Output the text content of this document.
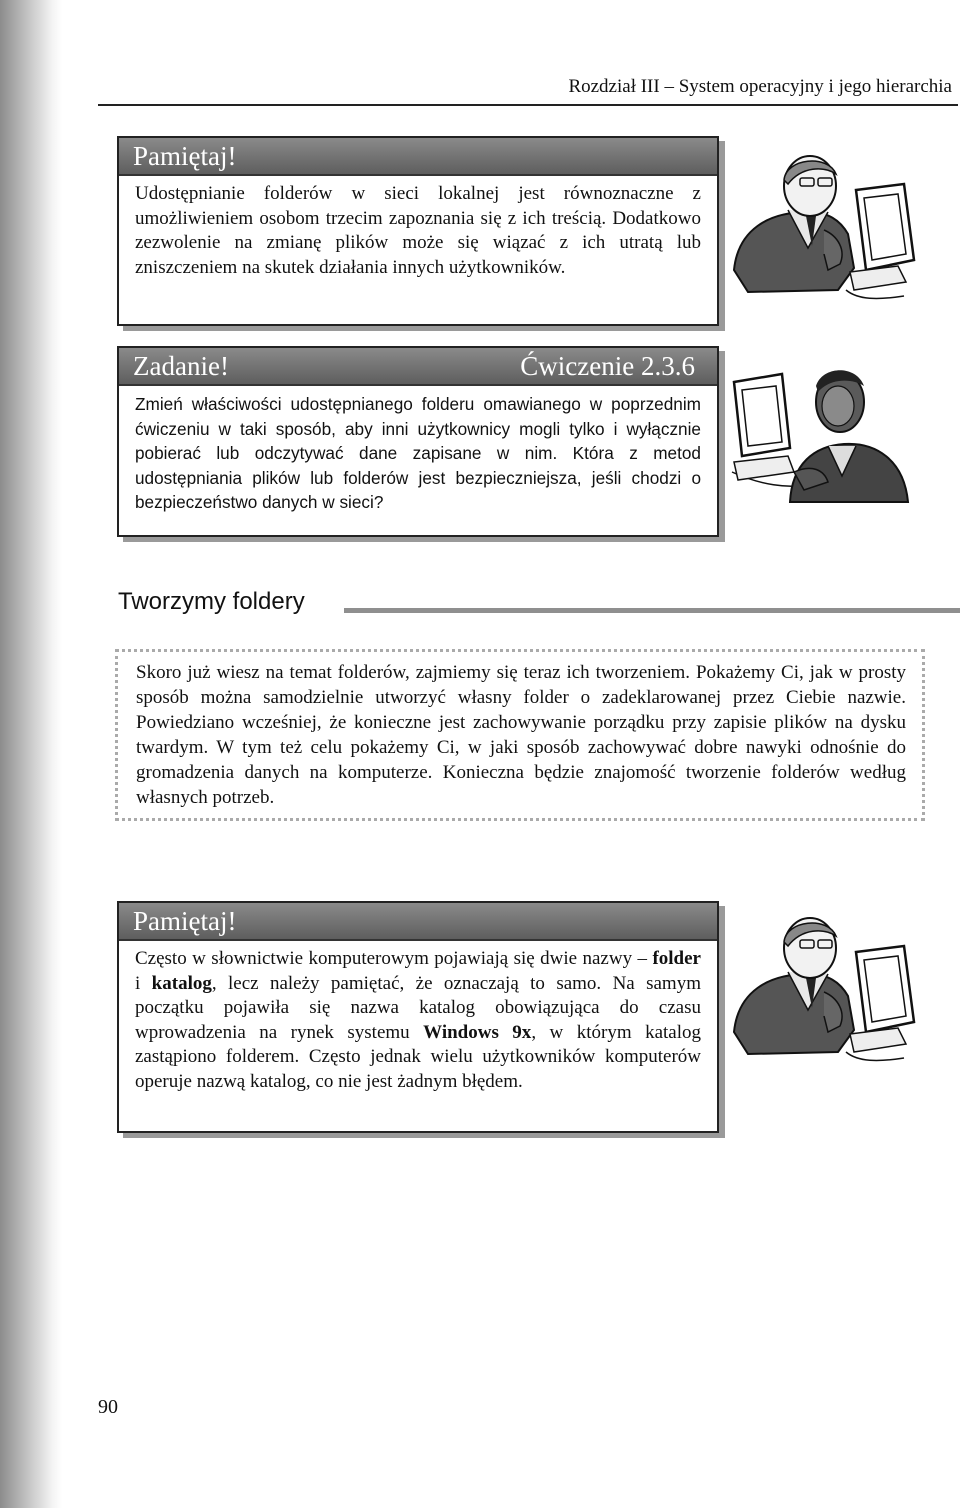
Rozdział III – System operacyjny i jego hierarchia
Pamiętaj!

Udostępnianie folderów w sieci lokalnej jest równoznaczne z umożliwieniem osobom trzecim zapoznania się z ich treścią. Dodatkowo zezwolenie na zmianę plików może się wiązać z ich utratą lub zniszczeniem na skutek działania innych użytkowników.

Zadanie!	Ćwiczenie 2.3.6

Zmień właściwości udostępnianego folderu omawianego w poprzednim ćwiczeniu w taki sposób, aby inni użytkownicy mogli tylko i wyłącznie pobierać lub odczytywać dane zapisane w nim. Która z metod udostępniania plików lub folderów jest bezpieczniejsza, jeśli chodzi o bezpieczeństwo danych w sieci?

Tworzymy foldery

Skoro już wiesz na temat folderów, zajmiemy się teraz ich tworzeniem. Pokażemy Ci, jak w prosty sposób można samodzielnie utworzyć własny folder o zadeklarowanej przez Ciebie nazwie. Powiedziano wcześniej, że konieczne jest zachowywanie porządku przy zapisie plików na dysku twardym. W tym też celu pokażemy Ci, w jaki sposób zachowywać dobre nawyki odnośnie do gromadzenia danych na komputerze. Konieczna będzie znajomość tworzenie folderów według własnych potrzeb.

Pamiętaj!

Często w słownictwie komputerowym pojawiają się dwie nazwy – folder i katalog, lecz należy pamiętać, że oznaczają to samo. Na samym początku pojawiła się nazwa katalog obowiązująca do czasu wprowadzenia na rynek systemu Windows 9x, w którym katalog zastąpiono folderem. Często jednak wielu użytkowników komputerów operuje nazwą katalog, co nie jest żadnym błędem.

90
